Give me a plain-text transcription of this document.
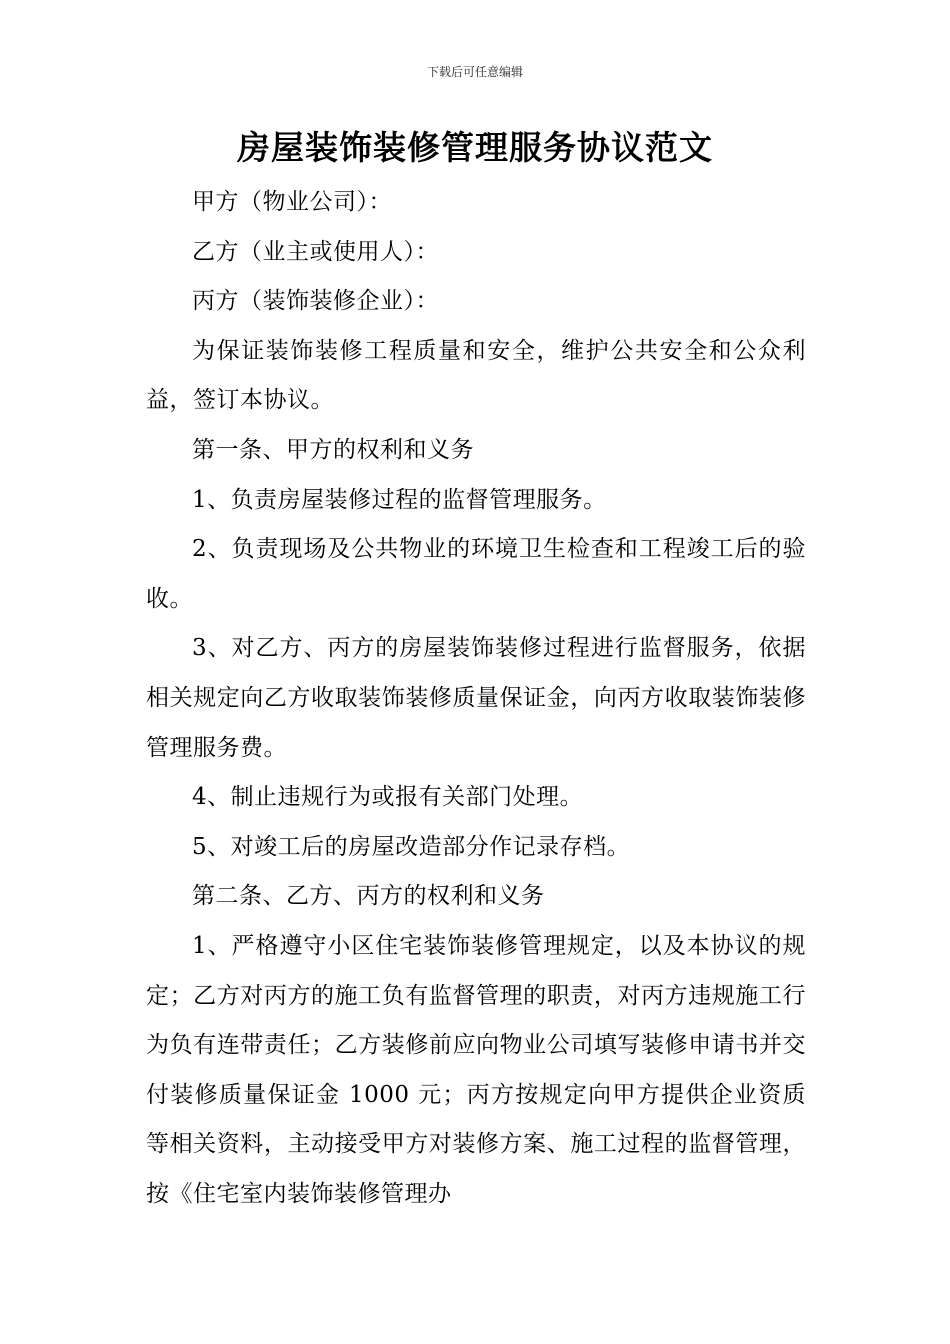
下载后可任意编辑
房屋装饰装修管理服务协议范文

甲方（物业公司）：

乙方（业主或使用人）：

丙方（装饰装修企业）：

为保证装饰装修工程质量和安全，维护公共安全和公众利益，签订本协议。

第一条、甲方的权利和义务

1、负责房屋装修过程的监督管理服务。

2、负责现场及公共物业的环境卫生检查和工程竣工后的验收。

3、对乙方、丙方的房屋装饰装修过程进行监督服务，依据相关规定向乙方收取装饰装修质量保证金，向丙方收取装饰装修管理服务费。

4、制止违规行为或报有关部门处理。

5、对竣工后的房屋改造部分作记录存档。

第二条、乙方、丙方的权利和义务

1、严格遵守小区住宅装饰装修管理规定，以及本协议的规定；乙方对丙方的施工负有监督管理的职责，对丙方违规施工行为负有连带责任；乙方装修前应向物业公司填写装修申请书并交付装修质量保证金 1000 元；丙方按规定向甲方提供企业资质等相关资料，主动接受甲方对装修方案、施工过程的监督管理，按《住宅室内装饰装修管理办
